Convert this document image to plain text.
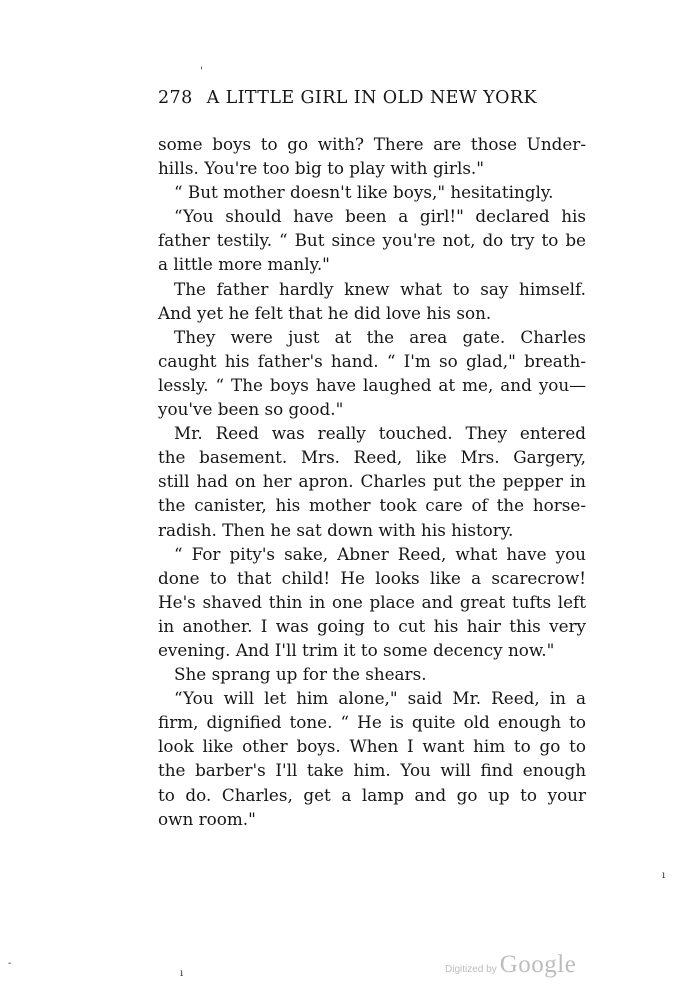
278 A LITTLE GIRL IN OLD NEW YORK
some boys to go with? There are those Under-
hills. You're too big to play with girls."
“ But mother doesn't like boys," hesitatingly.
“You should have been a girl!" declared his
father testily. “ But since you're not, do try to be
a little more manly."
The father hardly knew what to say himself.
And yet he felt that he did love his son.
They were just at the area gate. Charles
caught his father's hand. “ I'm so glad," breath-
lessly. “ The boys have laughed at me, and you—
you've been so good."
Mr. Reed was really touched. They entered
the basement. Mrs. Reed, like Mrs. Gargery,
still had on her apron. Charles put the pepper in
the canister, his mother took care of the horse-
radish. Then he sat down with his history.
“ For pity's sake, Abner Reed, what have you
done to that child! He looks like a scarecrow!
He's shaved thin in one place and great tufts left
in another. I was going to cut his hair this very
evening. And I'll trim it to some decency now."
She sprang up for the shears.
“You will let him alone," said Mr. Reed, in a
firm, dignified tone. “ He is quite old enough to
look like other boys. When I want him to go to
the barber's I'll take him. You will find enough
to do. Charles, get a lamp and go up to your
own room."
'
ı
ı
-
Digitized by Google
